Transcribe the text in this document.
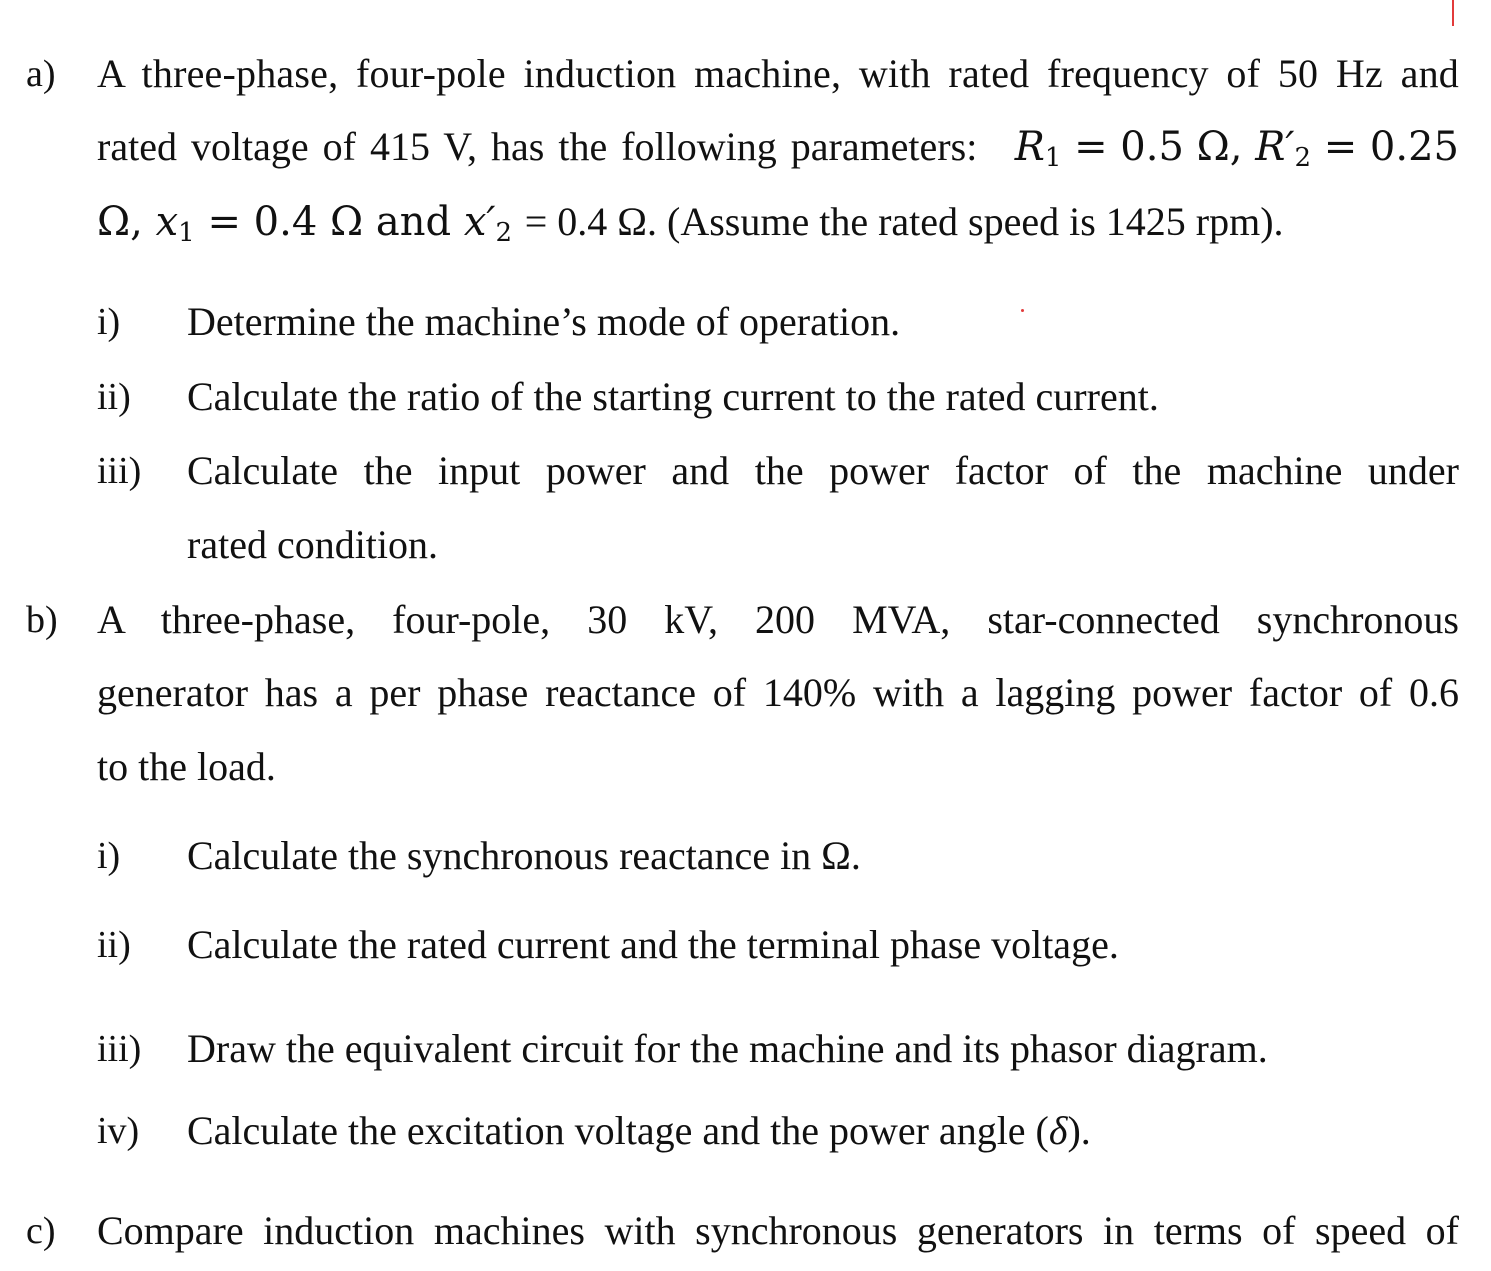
a) A three-phase, four-pole induction machine, with rated frequency of 50 Hz and
rated voltage of 415 V, has the following parameters: $R_1 = 0.5$ Ω, $R'_2 = 0.25$
Ω, $x_1 = 0.4$ Ω and $x'_2 = 0.4$ Ω. (Assume the rated speed is 1425 rpm).
i) Determine the machine’s mode of operation.
ii) Calculate the ratio of the starting current to the rated current.
iii) Calculate the input power and the power factor of the machine under
rated condition.
b) A three-phase, four-pole, 30 kV, 200 MVA, star-connected synchronous
generator has a per phase reactance of 140% with a lagging power factor of 0.6
to the load.
i) Calculate the synchronous reactance in Ω.
ii) Calculate the rated current and the terminal phase voltage.
iii) Draw the equivalent circuit for the machine and its phasor diagram.
iv) Calculate the excitation voltage and the power angle (δ).
c) Compare induction machines with synchronous generators in terms of speed of
